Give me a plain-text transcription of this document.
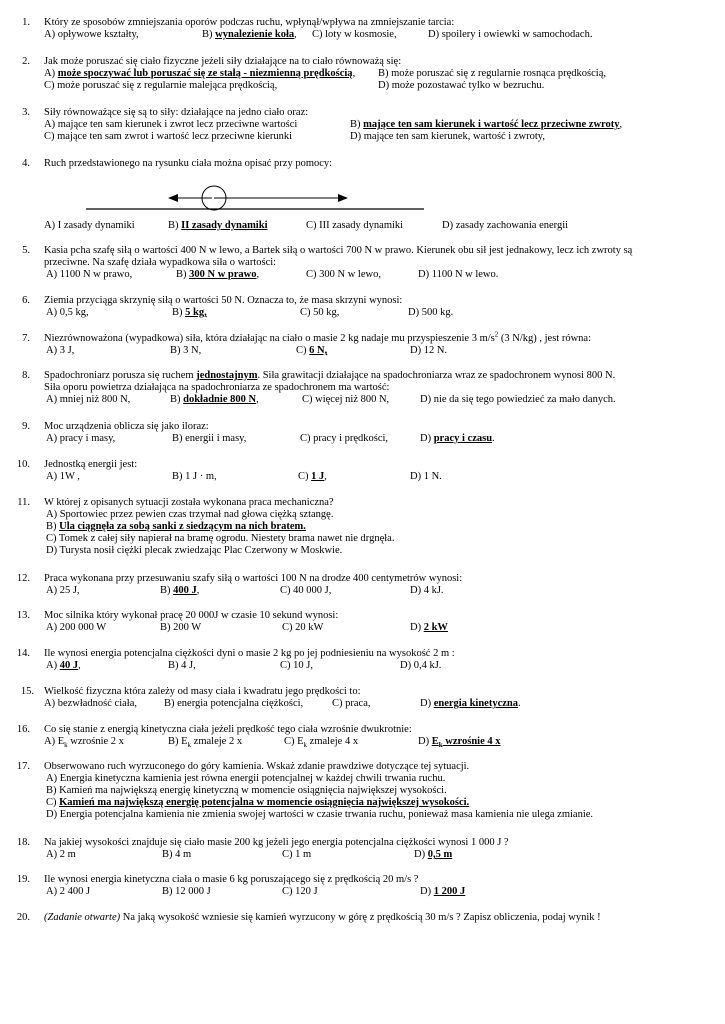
1. Który ze sposobów zmniejszania oporów podczas ruchu, wpłynął/wpływa na zmniejszanie tarcia:
A) opływowe kształty,	B) wynalezienie koła, C) loty w kosmosie,	D) spoilery i owiewki w samochodach.
2. Jak może poruszać się ciało fizyczne jeżeli siły działające na to ciało równoważą się:
A) może spoczywać lub poruszać się ze stałą - niezmienną prędkością, B) może poruszać się z regularnie rosnąca prędkością,
C) może poruszać się z regularnie malejąca prędkością,	D) może pozostawać tylko w bezruchu.
3. Siły równoważące się są to siły: działające na jedno ciało oraz:
A) mające ten sam kierunek i zwrot lecz przeciwne wartości	B) mające ten sam kierunek i wartość lecz przeciwne zwroty,
C) mające ten sam zwrot i wartość lecz przeciwne kierunki	D) mające ten sam kierunek, wartość i zwroty,
4. Ruch przedstawionego na rysunku ciała można opisać przy pomocy:
A) I zasady dynamiki	B) II zasady dynamiki	C) III zasady dynamiki	D) zasady zachowania energii
5. Kasia pcha szafę siłą o wartości 400 N w lewo, a Bartek siłą o wartości 700 N w prawo. Kierunek obu sił jest jednakowy, lecz ich zwroty są
przeciwne. Na szafę działa wypadkowa siła o wartości:
A) 1100 N w prawo,	B) 300 N w prawo,	C) 300 N w lewo,	D) 1100 N w lewo.
6. Ziemia przyciąga skrzynię siłą o wartości 50 N. Oznacza to, że masa skrzyni wynosi:
A) 0,5 kg,	B) 5 kg,	C) 50 kg,	D) 500 kg.
7. Niezrównoważona (wypadkowa) siła, która działając na ciało o masie 2 kg nadaje mu przyspieszenie 3 $m/s^2$ (3 N/kg) , jest równa:
A) 3 J,	B) 3 N,	C) 6 N,	D) 12 N.
8. Spadochroniarz porusza się ruchem jednostajnym. Siła grawitacji działające na spadochroniarza wraz ze spadochronem wynosi 800 N.
Siła oporu powietrza działająca na spadochroniarza ze spadochronem ma wartość:
A) mniej niż 800 N,	B) dokładnie 800 N,	C) więcej niż 800 N,	D) nie da się tego powiedzieć za mało danych.
9. Moc urządzenia oblicza się jako iloraz:
A) pracy i masy,	B) energii i masy,	C) pracy i prędkości,	D) pracy i czasu.
10. Jednostką energii jest:
A) 1W ,	B) 1 J · m,	C) 1 J,	D) 1 N.
11. W której z opisanych sytuacji została wykonana praca mechaniczna?
A) Sportowiec przez pewien czas trzymał nad głowa ciężką sztangę.
B) Ula ciągnęła za sobą sanki z siedzącym na nich bratem.
C) Tomek z całej siły napierał na bramę ogrodu. Niestety brama nawet nie drgnęła.
D) Turysta nosił ciężki plecak zwiedzając Plac Czerwony w Moskwie.
12. Praca wykonana przy przesuwaniu szafy siłą o wartości 100 N na drodze 400 centymetrów wynosi:
A) 25 J,	B) 400 J,	C) 40 000 J,	D) 4 kJ.
13. Moc silnika który wykonał pracę 20 000J w czasie 10 sekund wynosi:
A) 200 000 W	B) 200 W	C) 20 kW	D) 2 kW
14. Ile wynosi energia potencjalna ciężkości dyni o masie 2 kg po jej podniesieniu na wysokość 2 m :
A) 40 J,	B) 4 J,	C) 10 J,	D) 0,4 kJ.
15. Wielkość fizyczna która zależy od masy ciała i kwadratu jego prędkości to:
A) bezwładność ciała,	B) energia potencjalna ciężkości,	C) praca,	D) energia kinetyczna.
16. Co się stanie z energią kinetyczna ciała jeżeli prędkość tego ciała wzrośnie dwukrotnie:
A) $E_k$ wzrośnie 2 x	B) $E_k$ zmaleje 2 x	C) $E_k$ zmaleje 4 x	D) $E_k$ wzrośnie 4 x
17. Obserwowano ruch wyrzuconego do góry kamienia. Wskaż zdanie prawdziwe dotyczące tej sytuacji.
A) Energia kinetyczna kamienia jest równa energii potencjalnej w każdej chwili trwania ruchu.
B) Kamień ma największą energię kinetyczną w momencie osiągnięcia największej wysokości.
C) Kamień ma największą energię potencjalna w momencie osiągnięcia największej wysokości.
D) Energia potencjalna kamienia nie zmienia swojej wartości w czasie trwania ruchu, ponieważ masa kamienia nie ulega zmianie.
18. Na jakiej wysokości znajduje się ciało masie 200 kg jeżeli jego energia potencjalna ciężkości wynosi 1 000 J ?
A) 2 m	B) 4 m	C) 1 m	D) 0,5 m
19. Ile wynosi energia kinetyczna ciała o masie 6 kg poruszającego się z prędkością 20 m/s ?
A) 2 400 J	B) 12 000 J	C) 120 J	D) 1 200 J
20. (Zadanie otwarte) Na jaką wysokość wzniesie się kamień wyrzucony w górę z prędkością 30 m/s ? Zapisz obliczenia, podaj wynik !
